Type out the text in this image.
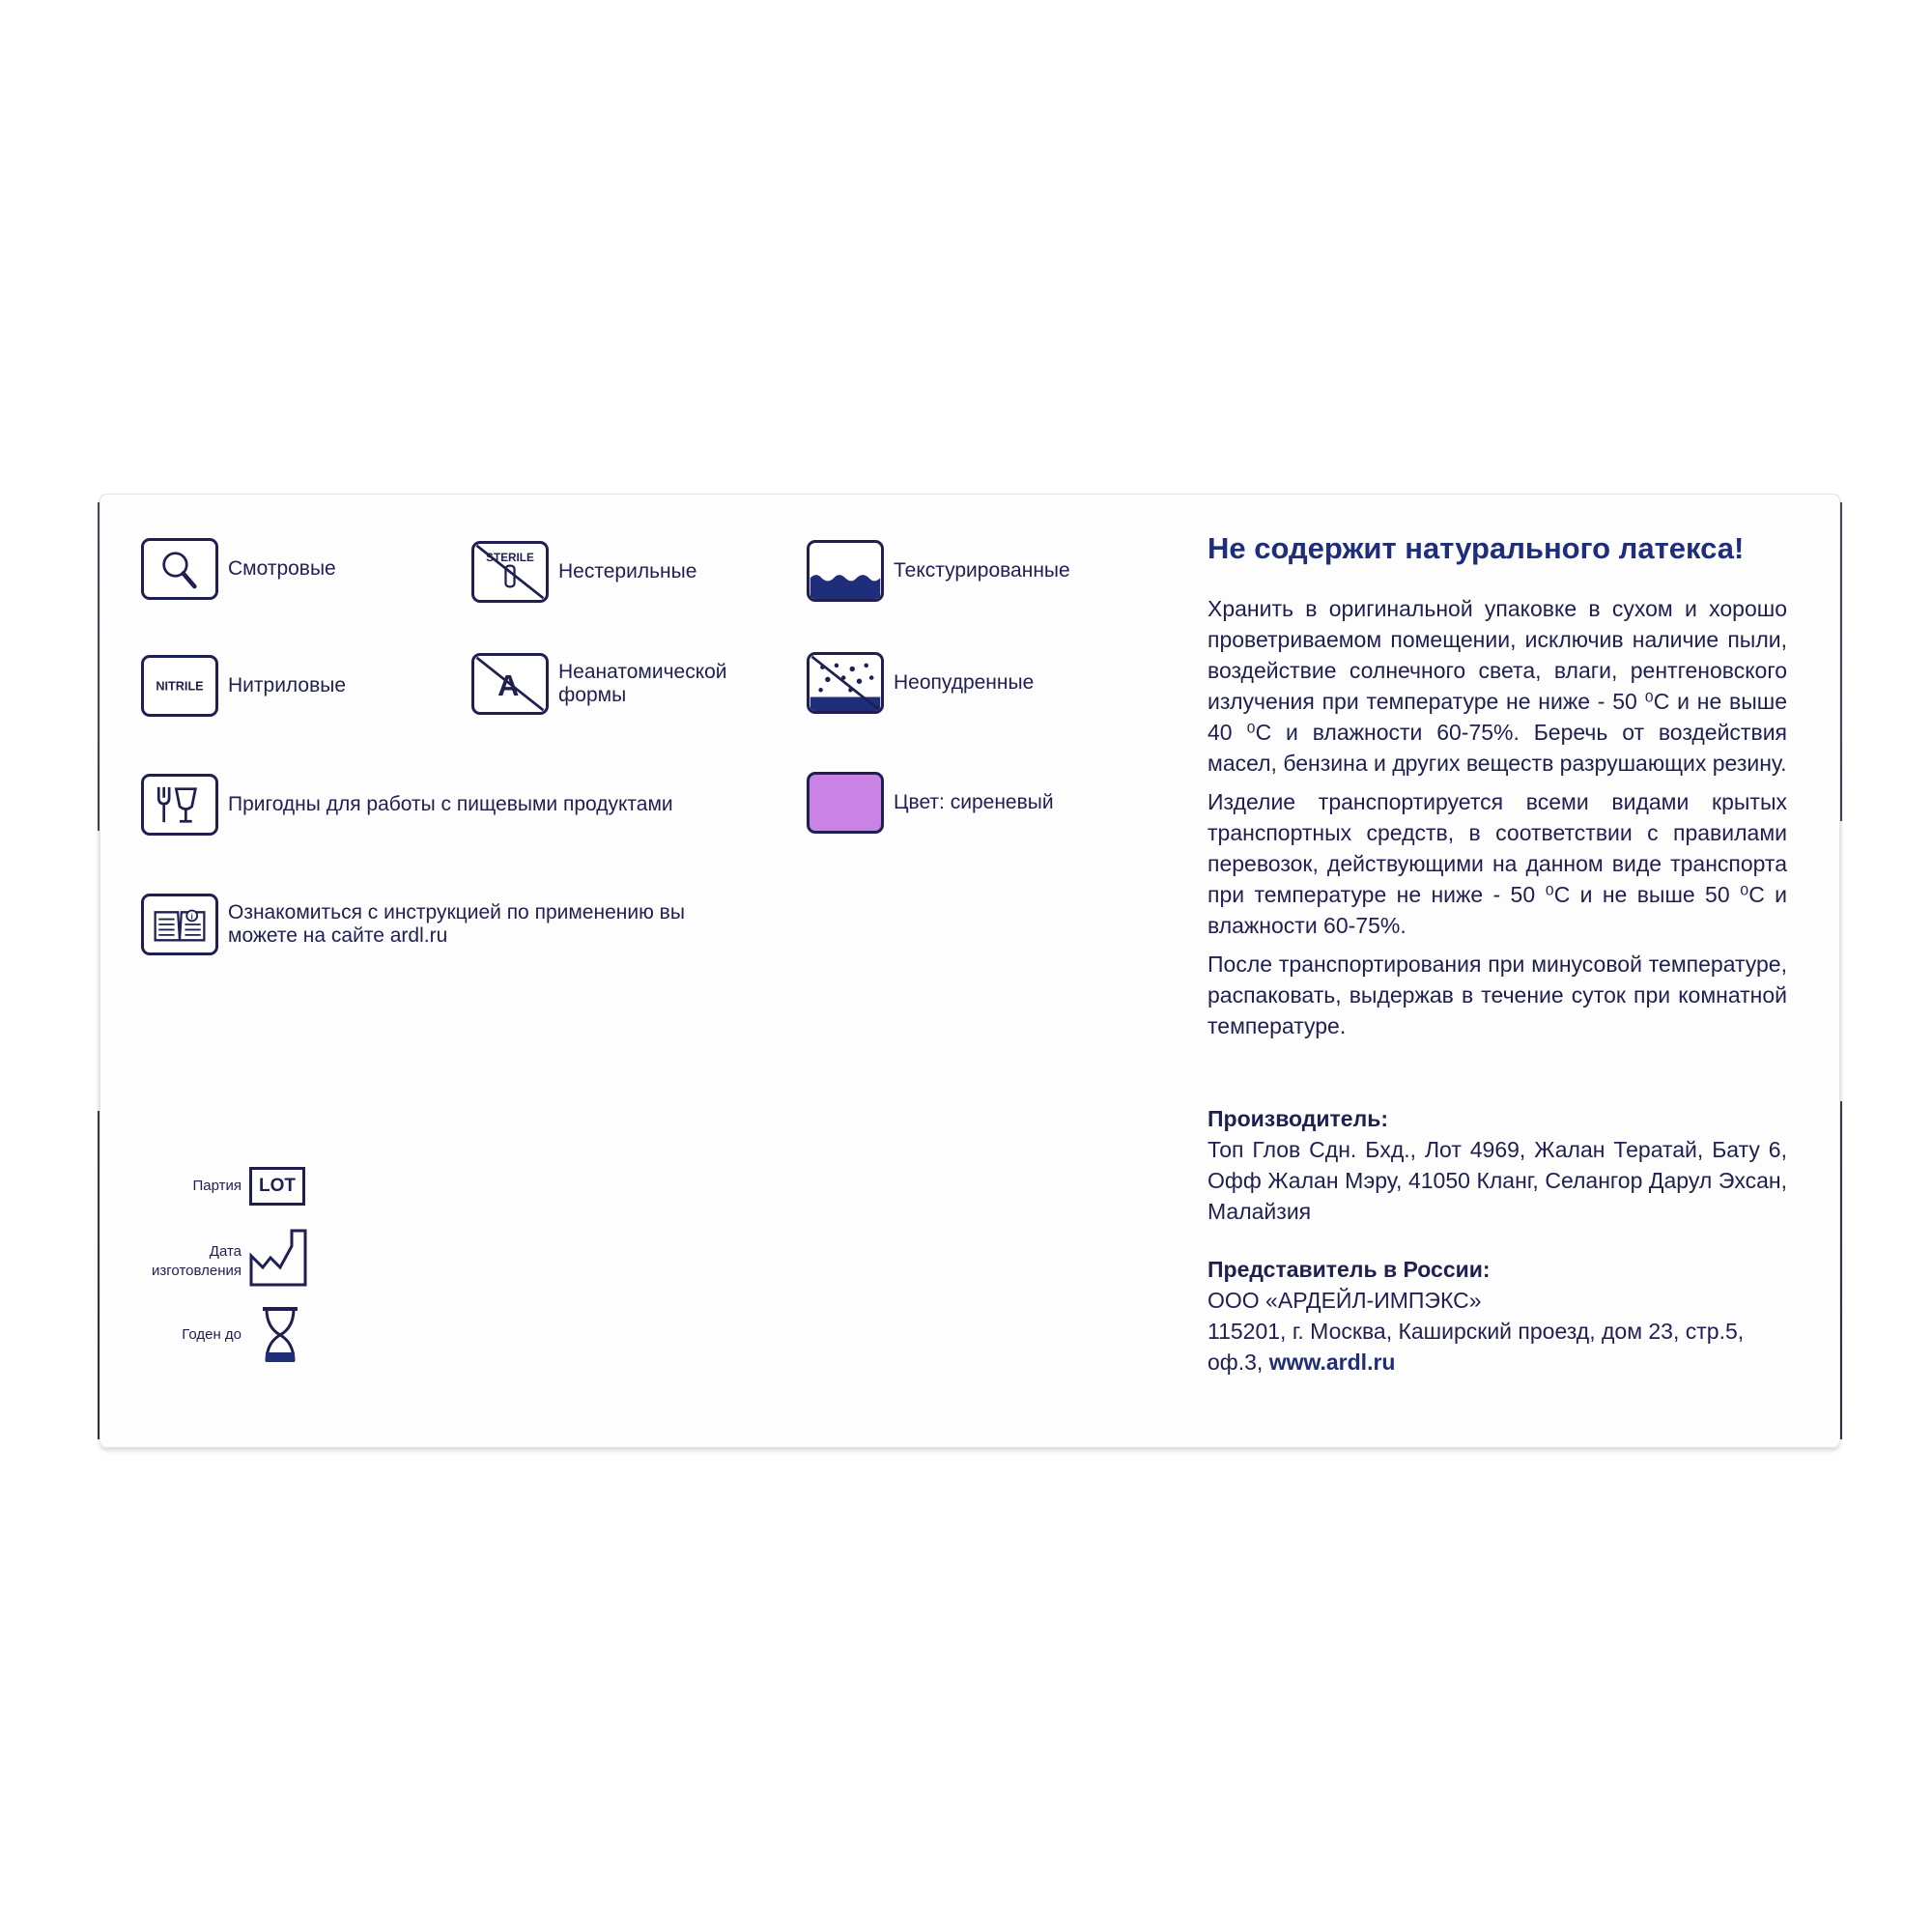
Смотровые	STERILE
Нестерильные	Текстурированные
NITRILE Нитриловые	A Неанатомической формы
Неопудренные
Пригодны для работы с пищевыми продуктами	Цвет: сиреневый
i Ознакомиться с инструкцией по применению вы можете на сайте ardl.ru
Партия LOT
Дата изготовления
Годен до
Не содержит натурального латекса!

Хранить в оригинальной упаковке в сухом и хорошо проветриваемом помещении, исключив наличие пыли, воздействие солнечного света, влаги, рентгеновского излучения при температуре не ниже - 50 ⁰С и не выше 40 ⁰С и влажности 60-75%. Беречь от воздействия масел, бензина и других веществ разрушающих резину.

Изделие транспортируется всеми видами крытых транспортных средств, в соответствии с правилами перевозок, действующими на данном виде транспорта при температуре не ниже - 50 ⁰С и не выше 50 ⁰С и влажности 60-75%.

После транспортирования при минусовой температуре, распаковать, выдержав в течение суток при комнатной температуре.

Производитель:

Топ Глов Сдн. Бхд., Лот 4969, Жалан Тератай, Бату 6, Офф Жалан Мэру, 41050 Кланг, Селангор Дарул Эхсан, Малайзия

Представитель в России:
ООО «АРДЕЙЛ-ИМПЭКС»
115201, г. Москва, Каширский проезд, дом 23, стр.5,
оф.3, www.ardl.ru
